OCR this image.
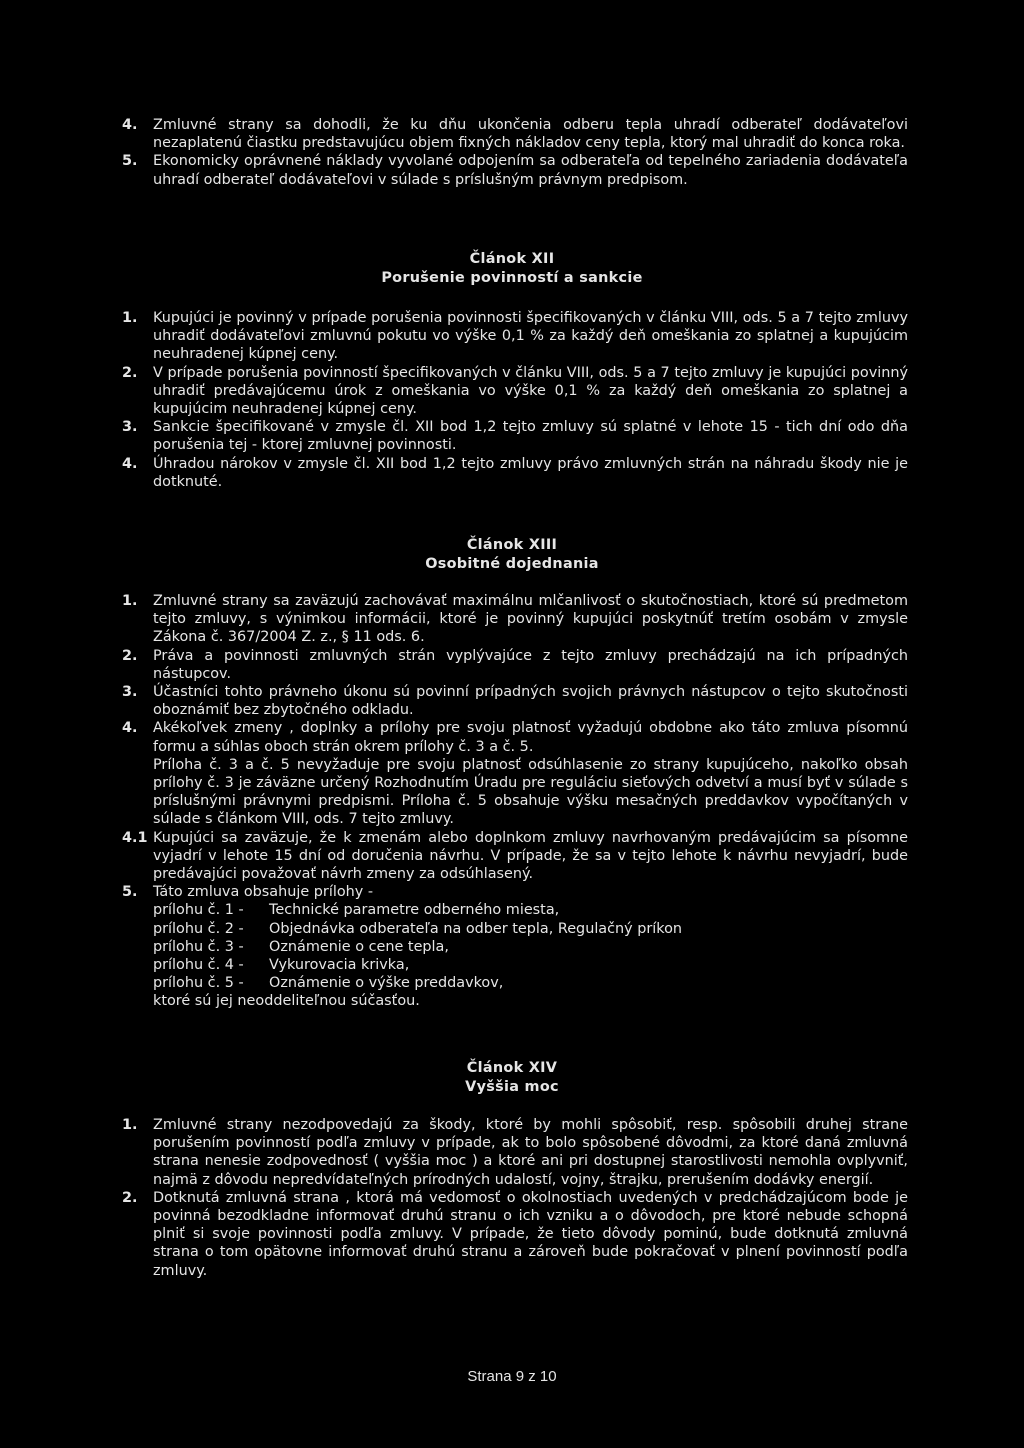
4. Zmluvné strany sa dohodli, že ku dňu ukončenia odberu tepla uhradí odberateľ dodávateľovi nezaplatenú čiastku predstavujúcu objem fixných nákladov ceny tepla, ktorý mal uhradiť do konca roka.
5. Ekonomicky oprávnené náklady vyvolané odpojením sa odberateľa od tepelného zariadenia dodávateľa uhradí odberateľ dodávateľovi v súlade s príslušným právnym predpisom.
Článok XII
Porušenie povinností a sankcie
1. Kupujúci je povinný v prípade porušenia povinnosti špecifikovaných v článku VIII, ods. 5 a 7 tejto zmluvy uhradiť dodávateľovi zmluvnú pokutu vo výške 0,1 % za každý deň omeškania zo splatnej a kupujúcim neuhradenej kúpnej ceny.
2. V prípade porušenia povinností špecifikovaných v článku VIII, ods. 5 a 7 tejto zmluvy je kupujúci povinný uhradiť predávajúcemu úrok z omeškania vo výške 0,1 % za každý deň omeškania zo splatnej a kupujúcim neuhradenej kúpnej ceny.
3. Sankcie špecifikované v zmysle čl. XII bod 1,2 tejto zmluvy sú splatné v lehote 15 - tich dní odo dňa porušenia tej - ktorej zmluvnej povinnosti.
4. Úhradou nárokov v zmysle čl. XII bod 1,2 tejto zmluvy právo zmluvných strán na náhradu škody nie je dotknuté.
Článok XIII
Osobitné dojednania
1. Zmluvné strany sa zaväzujú zachovávať maximálnu mlčanlivosť o skutočnostiach, ktoré sú predmetom tejto zmluvy, s výnimkou informácii, ktoré je povinný kupujúci poskytnúť tretím osobám v zmysle Zákona č. 367/2004 Z. z., § 11 ods. 6.
2. Práva a povinnosti zmluvných strán vyplývajúce z tejto zmluvy prechádzajú na ich prípadných nástupcov.
3. Účastníci tohto právneho úkonu sú povinní prípadných svojich právnych nástupcov o tejto skutočnosti oboznámiť bez zbytočného odkladu.
4. Akékoľvek zmeny , doplnky a prílohy pre svoju platnosť vyžadujú obdobne ako táto zmluva písomnú formu a súhlas oboch strán okrem prílohy č. 3 a č. 5.
Príloha č. 3 a č. 5 nevyžaduje pre svoju platnosť odsúhlasenie zo strany kupujúceho, nakoľko obsah prílohy č. 3 je záväzne určený Rozhodnutím Úradu pre reguláciu sieťových odvetví a musí byť v súlade s príslušnými právnymi predpismi. Príloha č. 5 obsahuje výšku mesačných preddavkov vypočítaných v súlade s článkom VIII, ods. 7 tejto zmluvy.
4.1 Kupujúci sa zaväzuje, že k zmenám alebo doplnkom zmluvy navrhovaným predávajúcim sa písomne vyjadrí v lehote 15 dní od doručenia návrhu. V prípade, že sa v tejto lehote k návrhu nevyjadrí, bude predávajúci považovať návrh zmeny za odsúhlasený.
5. Táto zmluva obsahuje prílohy -
prílohu č. 1 -	Technické parametre odberného miesta,
prílohu č. 2 -	Objednávka odberateľa na odber tepla, Regulačný príkon
prílohu č. 3 -	Oznámenie o cene tepla,
prílohu č. 4 -	Vykurovacia krivka,
prílohu č. 5 -	Oznámenie o výške preddavkov,
ktoré sú jej neoddeliteľnou súčasťou.
Článok XIV
Vyššia moc
1. Zmluvné strany nezodpovedajú za škody, ktoré by mohli spôsobiť, resp. spôsobili druhej strane porušením povinností podľa zmluvy v prípade, ak to bolo spôsobené dôvodmi, za ktoré daná zmluvná strana nenesie zodpovednosť ( vyššia moc ) a ktoré ani pri dostupnej starostlivosti nemohla ovplyvniť, najmä z dôvodu nepredvídateľných prírodných udalostí, vojny, štrajku, prerušením dodávky energií.
2. Dotknutá zmluvná strana , ktorá má vedomosť o okolnostiach uvedených v predchádzajúcom bode je povinná bezodkladne informovať druhú stranu o ich vzniku a o dôvodoch, pre ktoré nebude schopná plniť si svoje povinnosti podľa zmluvy. V prípade, že tieto dôvody pominú, bude dotknutá zmluvná strana o tom opätovne informovať druhú stranu a zároveň bude pokračovať v plnení povinností podľa zmluvy.
Strana 9 z 10
